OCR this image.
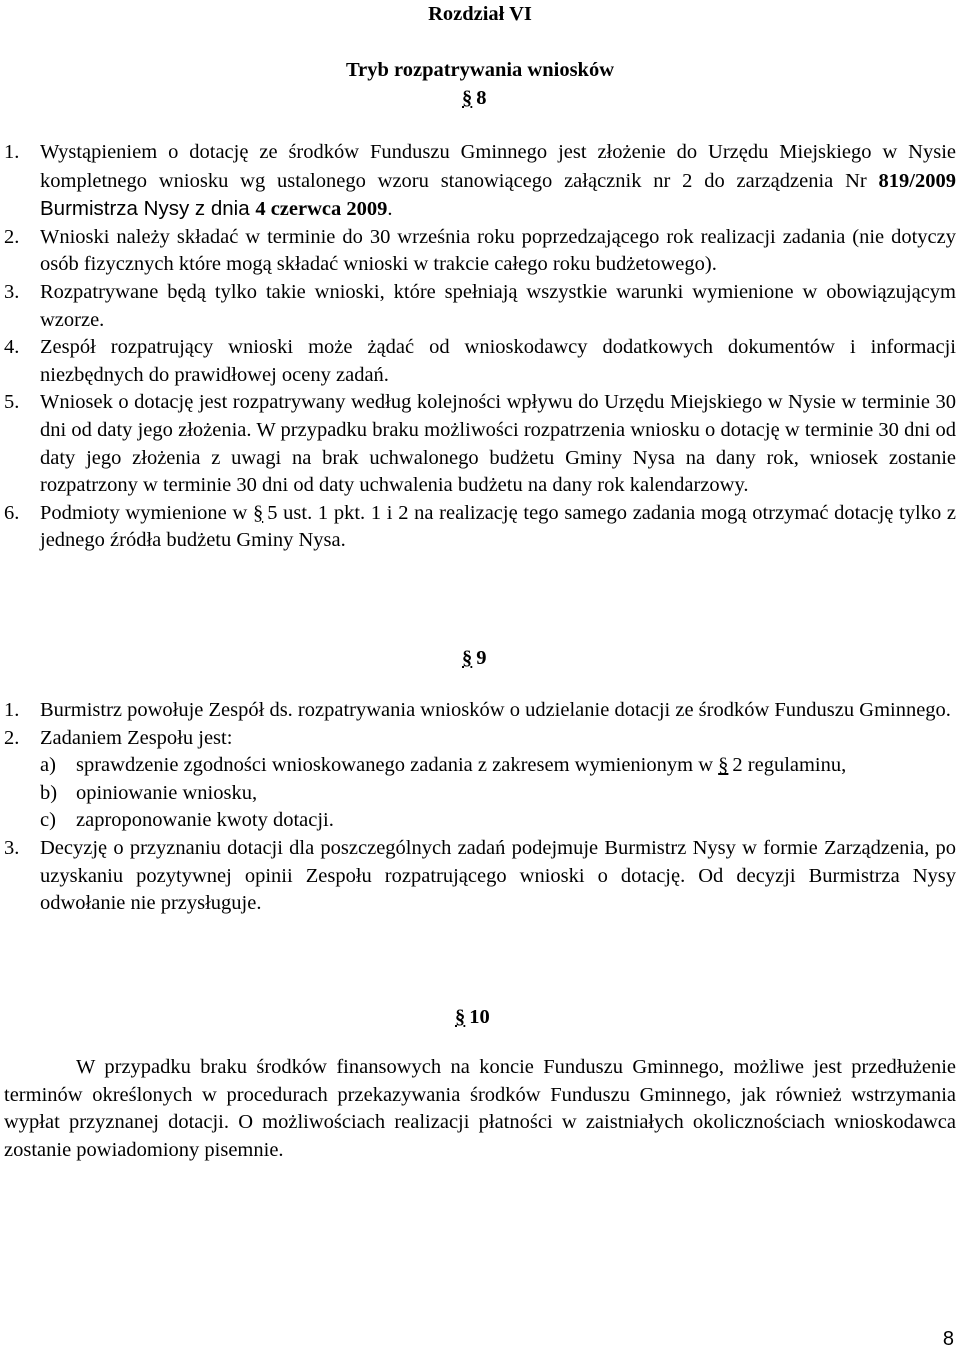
Rozdział VI
Tryb rozpatrywania wniosków
§ 8
1.	Wystąpieniem o dotację ze środków Funduszu Gminnego jest złożenie do Urzędu Miejskiego w Nysie kompletnego wniosku wg ustalonego wzoru stanowiącego załącznik nr 2 do zarządzenia Nr 819/2009 Burmistrza Nysy z dnia 4 czerwca 2009.
2.	Wnioski należy składać w terminie do 30 września roku poprzedzającego rok realizacji zadania (nie dotyczy osób fizycznych które mogą składać wnioski w trakcie całego roku budżetowego).
3.	Rozpatrywane będą tylko takie wnioski, które spełniają wszystkie warunki wymienione w obowiązującym wzorze.
4.	Zespół rozpatrujący wnioski może żądać od wnioskodawcy dodatkowych dokumentów i informacji niezbędnych do prawidłowej oceny zadań.
5.	Wniosek o dotację jest rozpatrywany według kolejności wpływu do Urzędu Miejskiego w Nysie w terminie 30 dni od daty jego złożenia. W przypadku braku możliwości rozpatrzenia wniosku o dotację w terminie 30 dni od daty jego złożenia z uwagi na brak uchwalonego budżetu Gminy Nysa na dany rok, wniosek zostanie rozpatrzony w terminie 30 dni od daty uchwalenia budżetu na dany rok kalendarzowy.
6.	Podmioty wymienione w § 5 ust. 1 pkt. 1 i 2 na realizację tego samego zadania mogą otrzymać dotację tylko z jednego źródła budżetu Gminy Nysa.
§ 9
1.	Burmistrz powołuje Zespół ds. rozpatrywania wniosków o udzielanie dotacji ze środków Funduszu Gminnego.
2.	Zadaniem Zespołu jest:
a) sprawdzenie zgodności wnioskowanego zadania z zakresem wymienionym w § 2 regulaminu,
b) opiniowanie wniosku,
c) zaproponowanie kwoty dotacji.
3.	Decyzję o przyznaniu dotacji dla poszczególnych zadań podejmuje Burmistrz Nysy w formie Zarządzenia, po uzyskaniu pozytywnej opinii Zespołu rozpatrującego wnioski o dotację. Od decyzji Burmistrza Nysy odwołanie nie przysługuje.
§ 10
W przypadku braku środków finansowych na koncie Funduszu Gminnego, możliwe jest przedłużenie terminów określonych w procedurach przekazywania środków Funduszu Gminnego, jak również wstrzymania wypłat przyznanej dotacji. O możliwościach realizacji płatności w zaistniałych okolicznościach wnioskodawca zostanie powiadomiony pisemnie.
8
